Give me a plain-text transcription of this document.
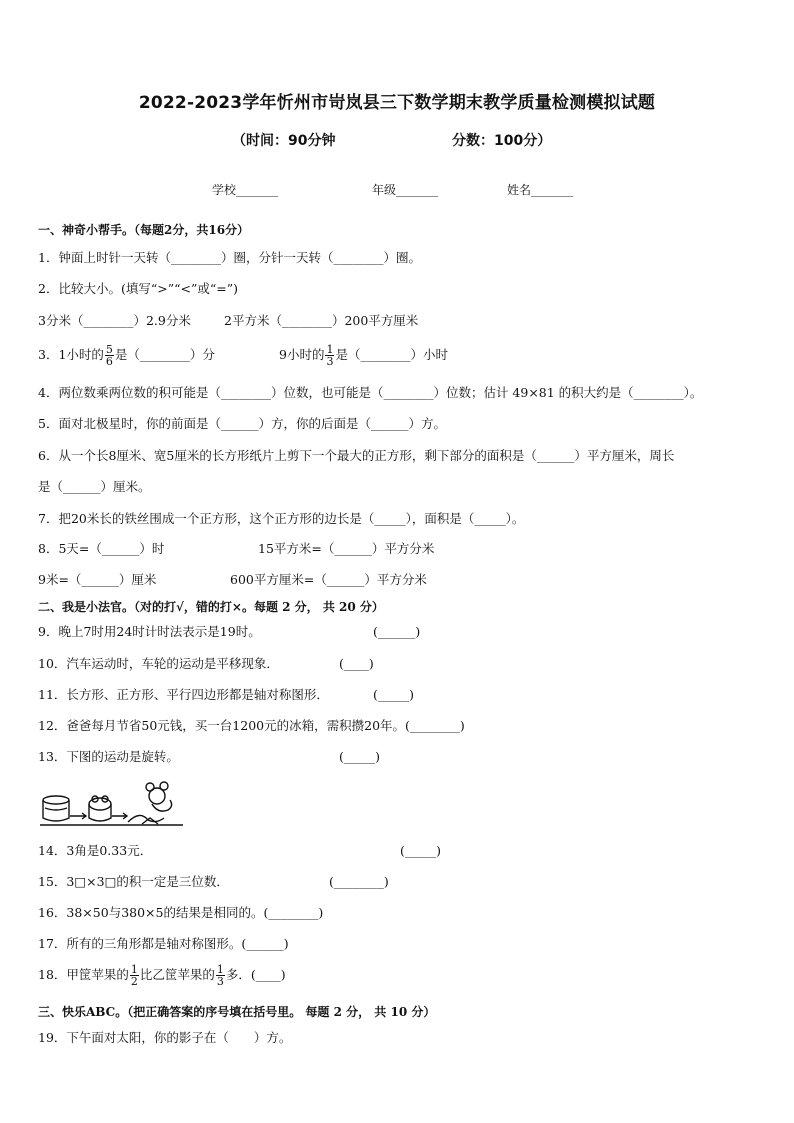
2022-2023学年忻州市岢岚县三下数学期末教学质量检测模拟试题
（时间：90分钟	分数：100分）
学校_______	年级_______	姓名_______
一、神奇小帮手。（每题2分，共16分）
1．钟面上时针一天转（________）圈，分针一天转（________）圈。
2．比较大小。(填写“>”“<”或“=”)
3分米（________）2.9分米	2平方米（________）200平方厘米
3．1小时的 $\frac{5}{6}$ 是（________）分	9小时的 $\frac{1}{3}$ 是（________）小时
4．两位数乘两位数的积可能是（________）位数，也可能是（________）位数；估计 49×81 的积大约是（________）。
5．面对北极星时，你的前面是（______）方，你的后面是（______）方。
6．从一个长8厘米、宽5厘米的长方形纸片上剪下一个最大的正方形，剩下部分的面积是（______）平方厘米，周长
是（______）厘米。
7．把20米长的铁丝围成一个正方形，这个正方形的边长是（_____），面积是（_____）。
8．5天=（______）时	15平方米=（______）平方分米
9米=（______）厘米	600平方厘米=（______）平方分米
二、我是小法官。（对的打√，错的打×。每题 2 分， 共 20 分）
9．晚上7时用24时计时法表示是19时。	(______)
10．汽车运动时，车轮的运动是平移现象．	(____)
11．长方形、正方形、平行四边形都是轴对称图形．	(_____)
12．爸爸每月节省50元钱，买一台1200元的冰箱，需积攒20年。(________)
13．下图的运动是旋转。	(_____)
14．3角是0.33元．	(_____)
15．3□×3□的积一定是三位数．	(________)
16．38×50与380×5的结果是相同的。(________)
17．所有的三角形都是轴对称图形。(______)
18．甲筐苹果的 $\frac{1}{2}$ 比乙筐苹果的 $\frac{1}{3}$ 多．(____)
三、快乐ABC。（把正确答案的序号填在括号里。 每题 2 分， 共 10 分）
19．下午面对太阳，你的影子在（　　）方。
